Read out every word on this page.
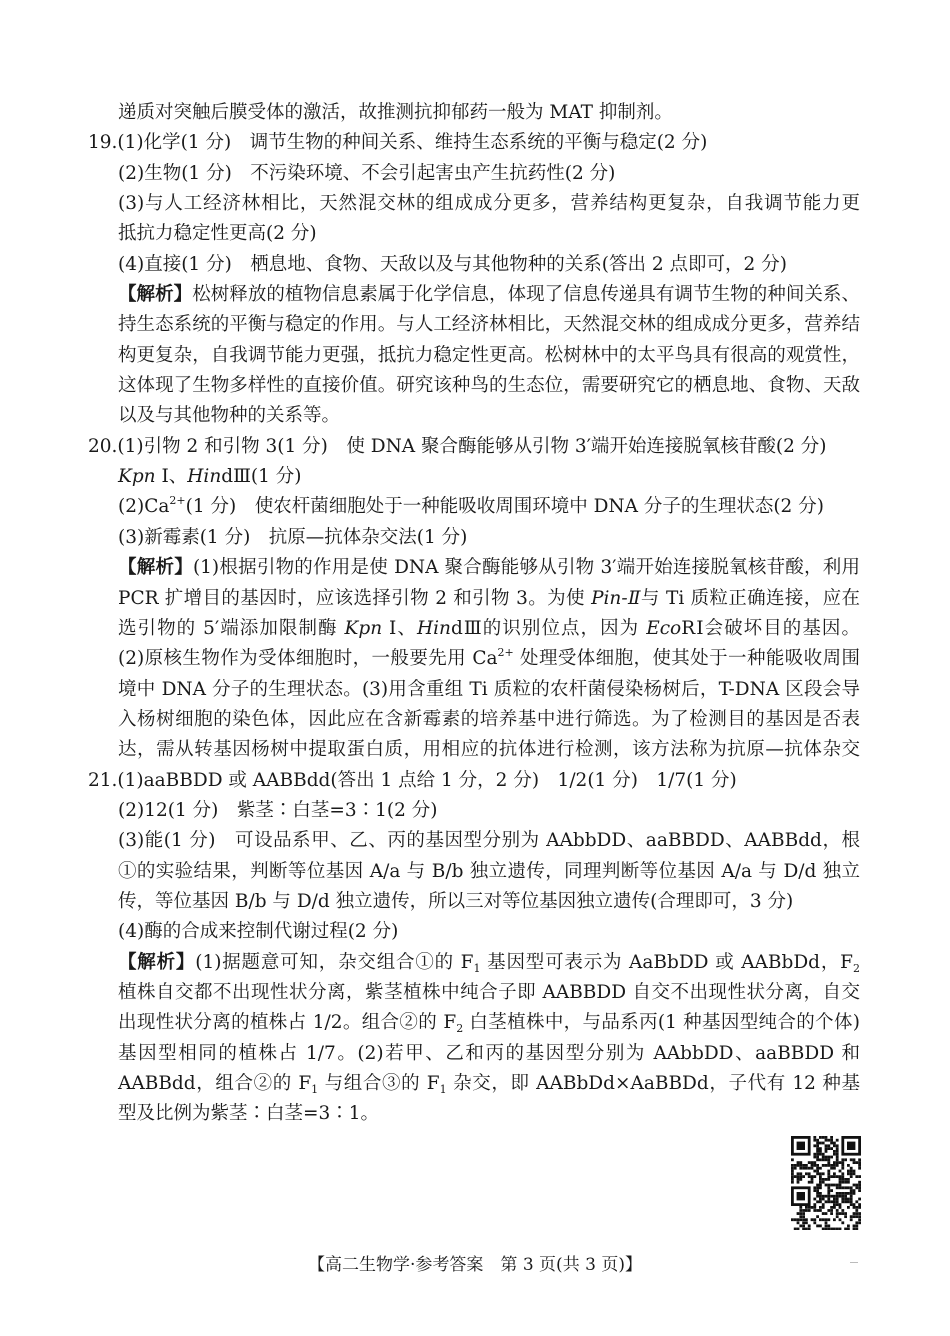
递质对突触后膜受体的激活，故推测抗抑郁药一般为 MAT 抑制剂。
19.(1)化学(1 分)　调节生物的种间关系、维持生态系统的平衡与稳定(2 分)
(2)生物(1 分)　不污染环境、不会引起害虫产生抗药性(2 分)
(3)与人工经济林相比，天然混交林的组成成分更多，营养结构更复杂，自我调节能力更
抵抗力稳定性更高(2 分)
(4)直接(1 分)　栖息地、食物、天敌以及与其他物种的关系(答出 2 点即可，2 分)
【解析】松树释放的植物信息素属于化学信息，体现了信息传递具有调节生物的种间关系、
持生态系统的平衡与稳定的作用。与人工经济林相比，天然混交林的组成成分更多，营养结
构更复杂，自我调节能力更强，抵抗力稳定性更高。松树林中的太平鸟具有很高的观赏性，
这体现了生物多样性的直接价值。研究该种鸟的生态位，需要研究它的栖息地、食物、天敌
以及与其他物种的关系等。
20.(1)引物 2 和引物 3(1 分)　使 DNA 聚合酶能够从引物 3′端开始连接脱氧核苷酸(2 分)
Kpn Ⅰ、HindⅢ(1 分)
$(2)Ca^{2+}(1$ 分)　使农杆菌细胞处于一种能吸收周围环境中 DNA 分子的生理状态(2 分)
(3)新霉素(1 分)　抗原—抗体杂交法(1 分)
【解析】(1)根据引物的作用是使 DNA 聚合酶能够从引物 3′端开始连接脱氧核苷酸，利用
PCR 扩增目的基因时，应该选择引物 2 和引物 3。为使 Pin-Ⅱ与 Ti 质粒正确连接，应在
选引物的 5′端添加限制酶 Kpn Ⅰ、HindⅢ的识别位点，因为 EcoRⅠ会破坏目的基因。
(2)原核生物作为受体细胞时，一般要先用 $Ca^{2+}$ 处理受体细胞，使其处于一种能吸收周围
境中 DNA 分子的生理状态。(3)用含重组 Ti 质粒的农杆菌侵染杨树后，T-DNA 区段会导
入杨树细胞的染色体，因此应在含新霉素的培养基中进行筛选。为了检测目的基因是否表
达，需从转基因杨树中提取蛋白质，用相应的抗体进行检测，该方法称为抗原—抗体杂交
21.(1)aaBBDD 或 AABBdd(答出 1 点给 1 分，2 分)　1/2(1 分)　1/7(1 分)
(2)12(1 分)　紫茎∶白茎=3∶1(2 分)
(3)能(1 分)　可设品系甲、乙、丙的基因型分别为 AAbbDD、aaBBDD、AABBdd，根
①的实验结果，判断等位基因 A/a 与 B/b 独立遗传，同理判断等位基因 A/a 与 D/d 独立
传，等位基因 B/b 与 D/d 独立遗传，所以三对等位基因独立遗传(合理即可，3 分)
(4)酶的合成来控制代谢过程(2 分)
【解析】(1)据题意可知，杂交组合①的 $F_1$ 基因型可表示为 AaBbDD 或 AABbDd，$F_2$
植株自交都不出现性状分离，紫茎植株中纯合子即 AABBDD 自交不出现性状分离，自交
出现性状分离的植株占 1/2。组合②的 $F_2$ 白茎植株中，与品系丙(1 种基因型纯合的个体)
基因型相同的植株占 1/7。(2)若甲、乙和丙的基因型分别为 AAbbDD、aaBBDD 和
AABBdd，组合②的 $F_1$ 与组合③的 $F_1$ 杂交，即 AABbDd×AaBBDd，子代有 12 种基
型及比例为紫茎∶白茎=3∶1。
【高二生物学·参考答案　第 3 页(共 3 页)】
